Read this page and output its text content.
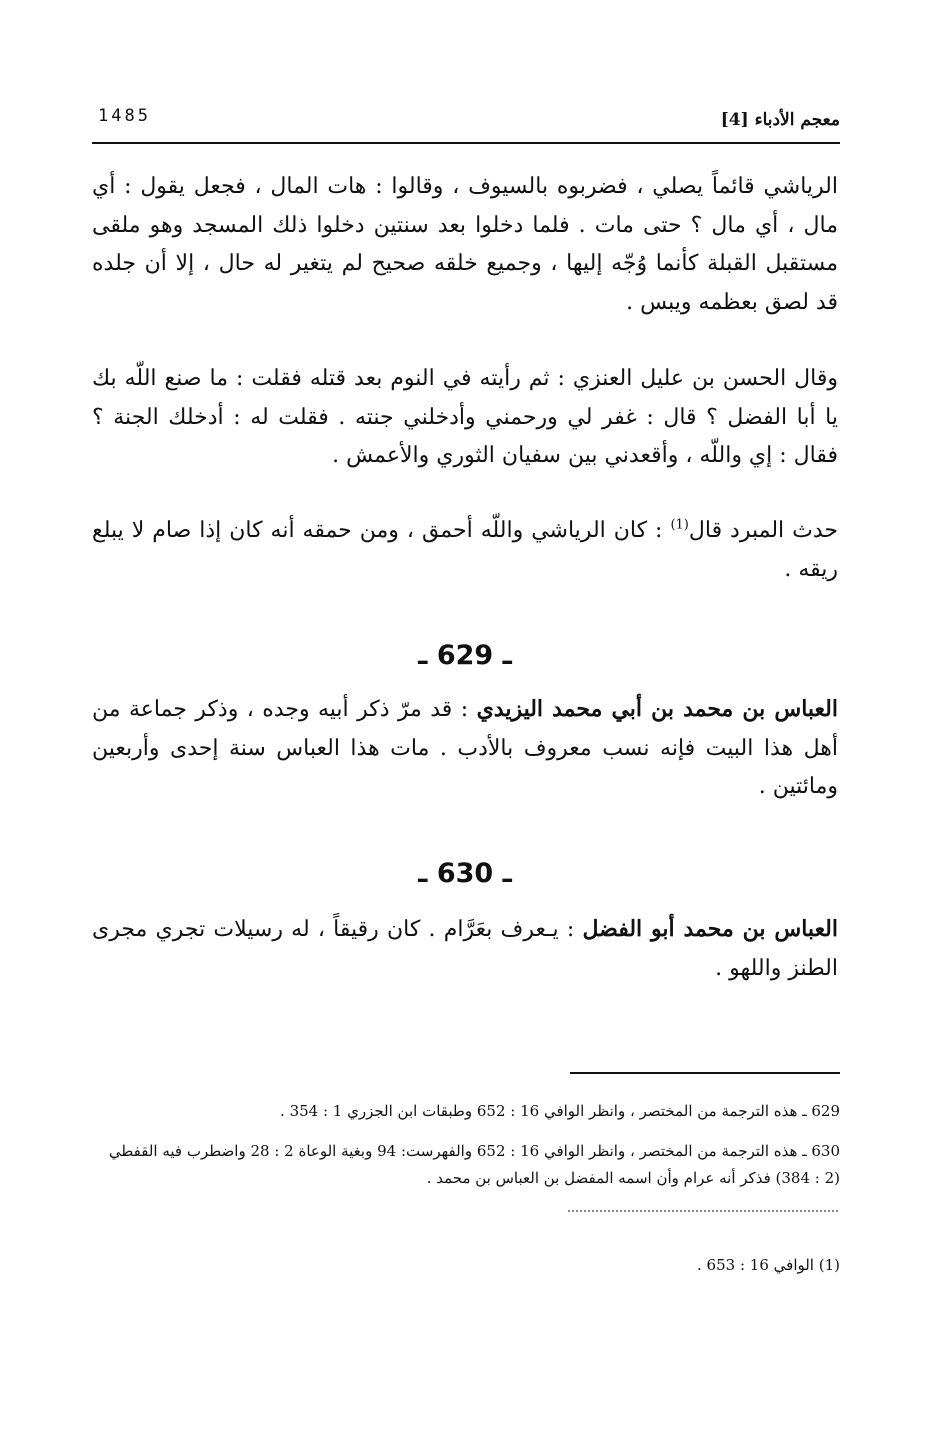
1485	معجم الأدباء [4]

الرياشي قائماً يصلي ، فضربوه بالسيوف ، وقالوا : هات المال ، فجعل يقول : أي مال ، أي مال ؟ حتى مات . فلما دخلوا بعد سنتين دخلوا ذلك المسجد وهو ملقى مستقبل القبلة كأنما وُجّه إليها ، وجميع خلقه صحيح لم يتغير له حال ، إلا أن جلده قد لصق بعظمه ويبس .

وقال الحسن بن عليل العنزي : ثم رأيته في النوم بعد قتله فقلت : ما صنع اللّه بك يا أبا الفضل ؟ قال : غفر لي ورحمني وأدخلني جنته . فقلت له : أدخلك الجنة ؟ فقال : إي واللّه ، وأقعدني بين سفيان الثوري والأعمش .

حدث المبرد قال$^{(1)}$ : كان الرياشي واللّه أحمق ، ومن حمقه أنه كان إذا صام لا يبلع ريقه .

ـ 629 ـ

العباس بن محمد بن أبي محمد اليزيدي : قد مرّ ذكر أبيه وجده ، وذكر جماعة من أهل هذا البيت فإنه نسب معروف بالأدب . مات هذا العباس سنة إحدى وأربعين ومائتين .

ـ 630 ـ

العباس بن محمد أبو الفضل : يـعرف بعَرَّام . كان رقيقاً ، له رسيلات تجري مجرى الطنز واللهو .

629 ـ هذه الترجمة من المختصر ، وانظر الوافي 16 : 652 وطبقات ابن الجزري 1 : 354 .
630 ـ هذه الترجمة من المختصر ، وانظر الوافي 16 : 652 والفهرست: 94 وبغية الوعاة 2 : 28 واضطرب فيه القفطي (2 : 384) فذكر أنه عرام وأن اسمه المفضل بن العباس بن محمد .
(1) الوافي 16 : 653 .
